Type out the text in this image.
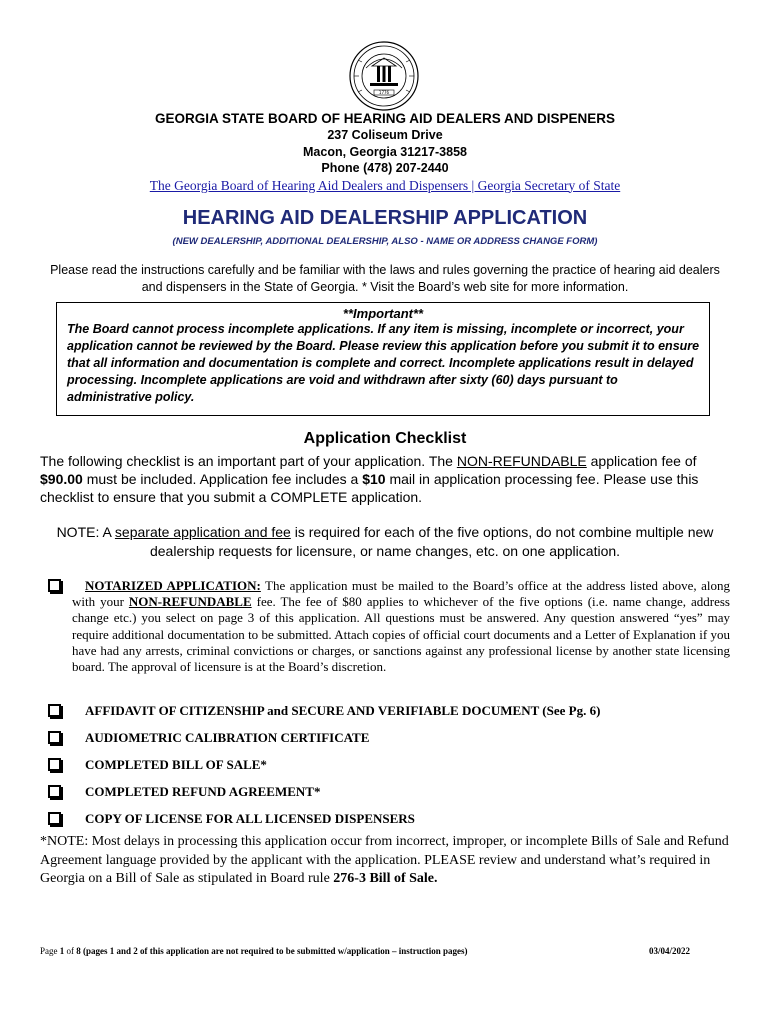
1776
GEORGIA STATE BOARD OF HEARING AID DEALERS AND DISPENERS
237 Coliseum Drive
Macon, Georgia 31217-3858
Phone (478) 207-2440
The Georgia Board of Hearing Aid Dealers and Dispensers | Georgia Secretary of State
HEARING AID DEALERSHIP APPLICATION
(NEW DEALERSHIP, ADDITIONAL DEALERSHIP, ALSO - NAME OR ADDRESS CHANGE FORM)
Please read the instructions carefully and be familiar with the laws and rules governing the practice of hearing aid dealers and dispensers in the State of Georgia. * Visit the Board’s web site for more information.
**Important**
The Board cannot process incomplete applications. If any item is missing, incomplete or incorrect, your application cannot be reviewed by the Board. Please review this application before you submit it to ensure that all information and documentation is complete and correct. Incomplete applications result in delayed processing. Incomplete applications are void and withdrawn after sixty (60) days pursuant to administrative policy.
Application Checklist
The following checklist is an important part of your application. The NON-REFUNDABLE application fee of $90.00 must be included. Application fee includes a $10 mail in application processing fee. Please use this checklist to ensure that you submit a COMPLETE application.
NOTE: A separate application and fee is required for each of the five options, do not combine multiple new dealership requests for licensure, or name changes, etc. on one application.
NOTARIZED APPLICATION: The application must be mailed to the Board’s office at the address listed above, along with your NON-REFUNDABLE fee. The fee of $80 applies to whichever of the five options (i.e. name change, address change etc.) you select on page 3 of this application. All questions must be answered. Any question answered “yes” may require additional documentation to be submitted. Attach copies of official court documents and a Letter of Explanation if you have had any arrests, criminal convictions or charges, or sanctions against any professional license by another state licensing board. The approval of licensure is at the Board’s discretion.
AFFIDAVIT OF CITIZENSHIP and SECURE AND VERIFIABLE DOCUMENT (See Pg. 6)
AUDIOMETRIC CALIBRATION CERTIFICATE
COMPLETED BILL OF SALE*
COMPLETED REFUND AGREEMENT*
COPY OF LICENSE FOR ALL LICENSED DISPENSERS
*NOTE: Most delays in processing this application occur from incorrect, improper, or incomplete Bills of Sale and Refund Agreement language provided by the applicant with the application. PLEASE review and understand what’s required in Georgia on a Bill of Sale as stipulated in Board rule 276-3 Bill of Sale.
Page 1 of 8 (pages 1 and 2 of this application are not required to be submitted w/application – instruction pages)	03/04/2022
